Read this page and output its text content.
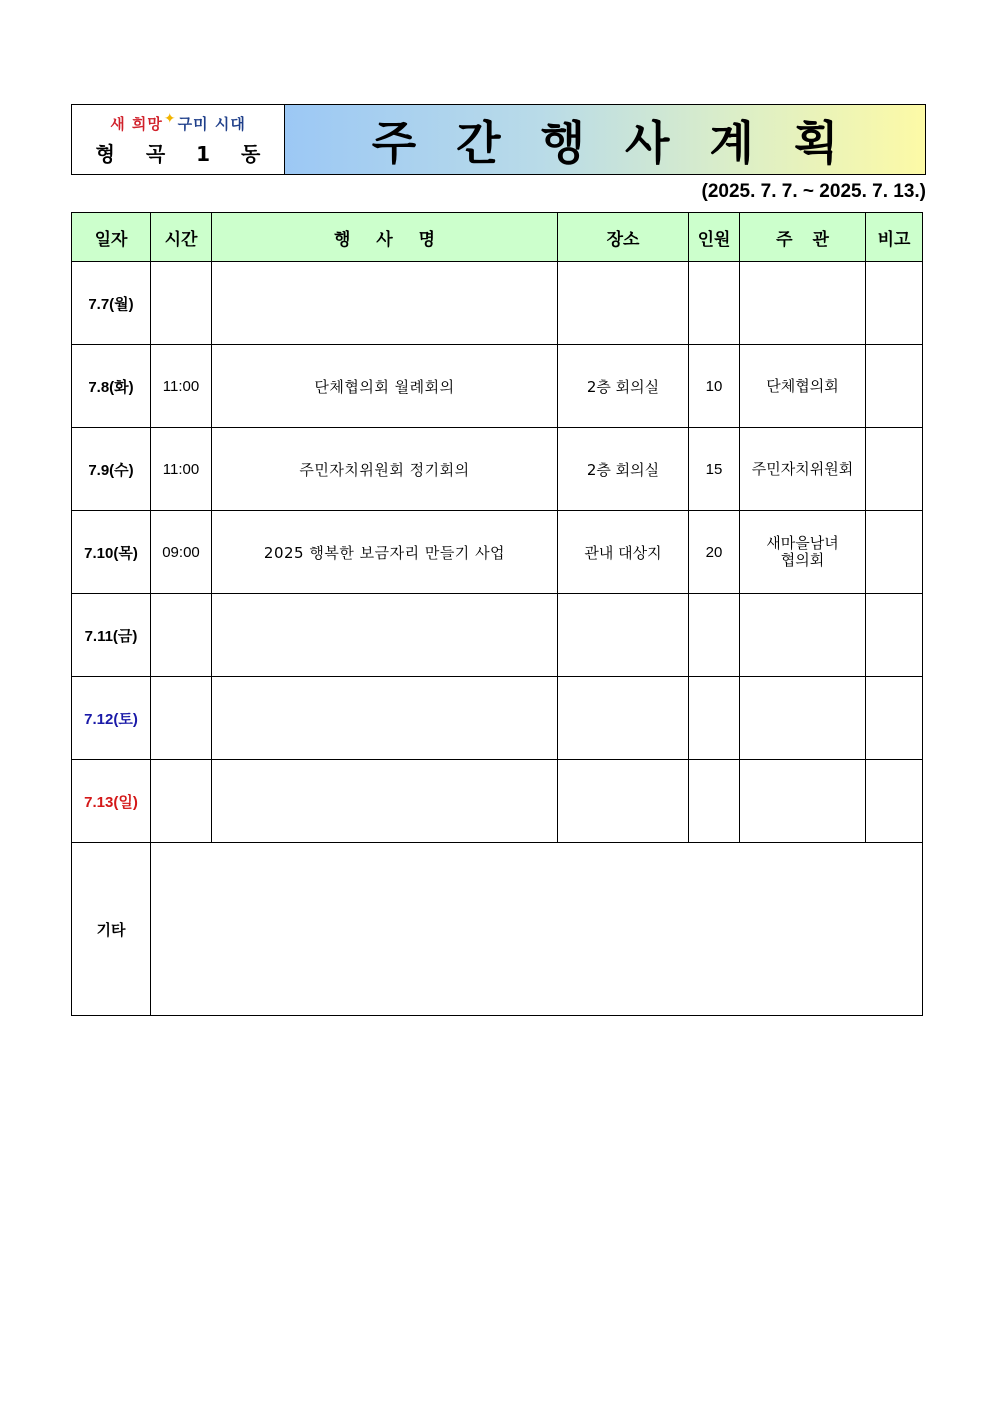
새 희망✦구미 시대
형 곡 1 동	주간행사계획
(2025. 7. 7. ~ 2025. 7. 13.)
일자	시간	행 사 명	장소	인원	주 관	비고
7.7(월)						
7.8(화)	11:00	단체협의회 월례회의	2층 회의실	10	단체협의회	
7.9(수)	11:00	주민자치위원회 정기회의	2층 회의실	15	주민자치위원회	
7.10(목)	09:00	2025 행복한 보금자리 만들기 사업	관내 대상지	20	새마을남녀
협의회	

7.11(금)						
7.12(토)						
7.13(일)						
기타						
